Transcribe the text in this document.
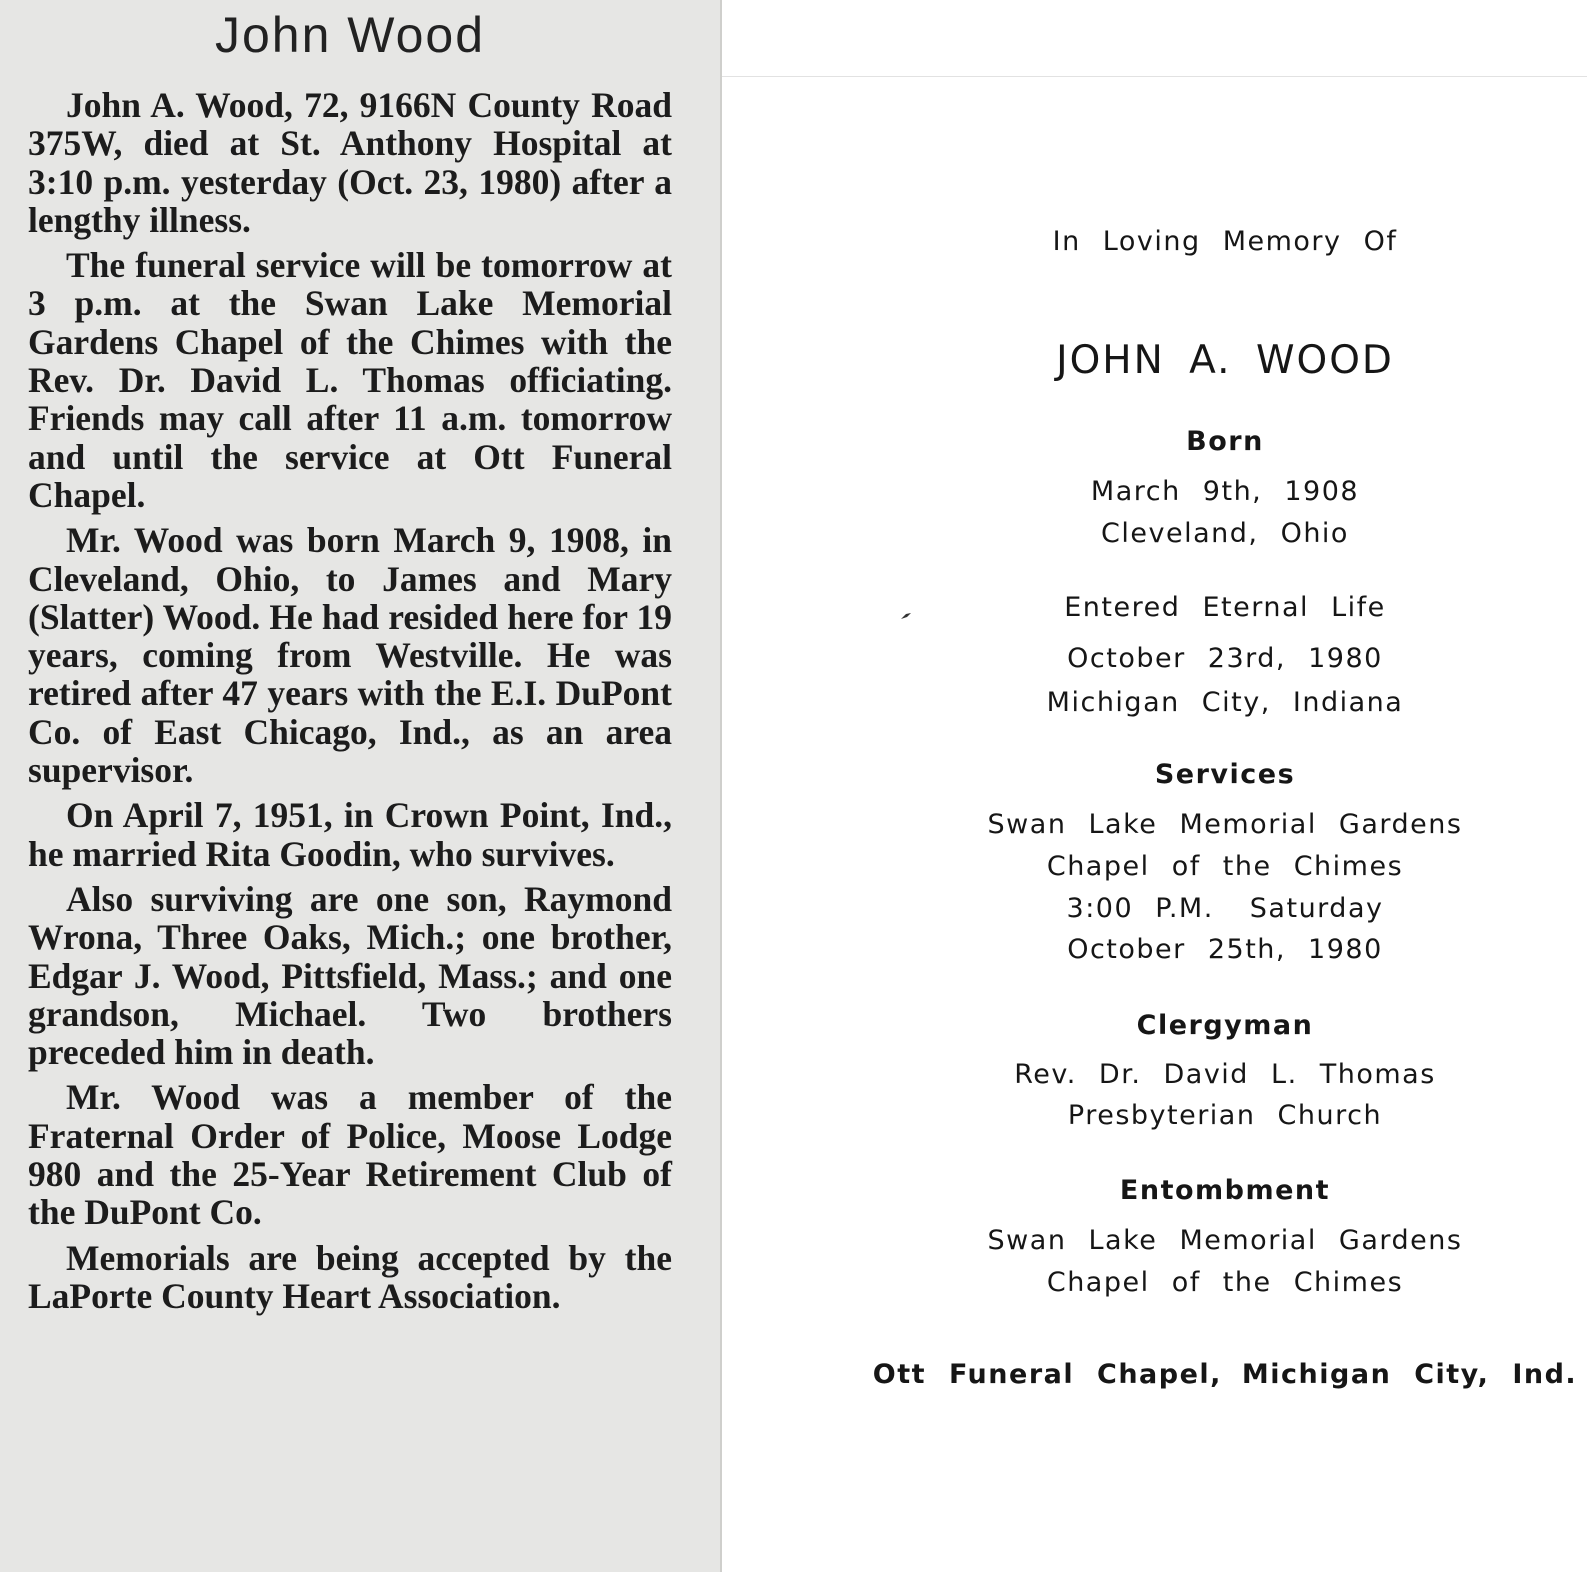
John Wood

John A. Wood, 72, 9166N County Road 375W, died at St. Anthony Hospital at 3:10 p.m. yesterday (Oct. 23, 1980) after a lengthy illness.

The funeral service will be tomorrow at 3 p.m. at the Swan Lake Memorial Gardens Chapel of the Chimes with the Rev. Dr. David L. Thomas officiating. Friends may call after 11 a.m. tomorrow and until the service at Ott Funeral Chapel.

Mr. Wood was born March 9, 1908, in Cleveland, Ohio, to James and Mary (Slatter) Wood. He had resided here for 19 years, coming from Westville. He was retired after 47 years with the E.I. DuPont Co. of East Chicago, Ind., as an area supervisor.

On April 7, 1951, in Crown Point, Ind., he married Rita Goodin, who survives.

Also surviving are one son, Raymond Wrona, Three Oaks, Mich.; one brother, Edgar J. Wood, Pittsfield, Mass.; and one grandson, Michael. Two brothers preceded him in death.

Mr. Wood was a member of the Fraternal Order of Police, Moose Lodge 980 and the 25-Year Retirement Club of the DuPont Co.

Memorials are being accepted by the LaPorte County Heart Association.

In Loving Memory Of
JOHN A. WOOD
Born
March 9th, 1908
Cleveland, Ohio
Entered Eternal Life
October 23rd, 1980
Michigan City, Indiana
Services
Swan Lake Memorial Gardens
Chapel of the Chimes
3:00 P.M. Saturday
October 25th, 1980
Clergyman
Rev. Dr. David L. Thomas
Presbyterian Church
Entombment
Swan Lake Memorial Gardens
Chapel of the Chimes
Ott Funeral Chapel, Michigan City, Ind.
